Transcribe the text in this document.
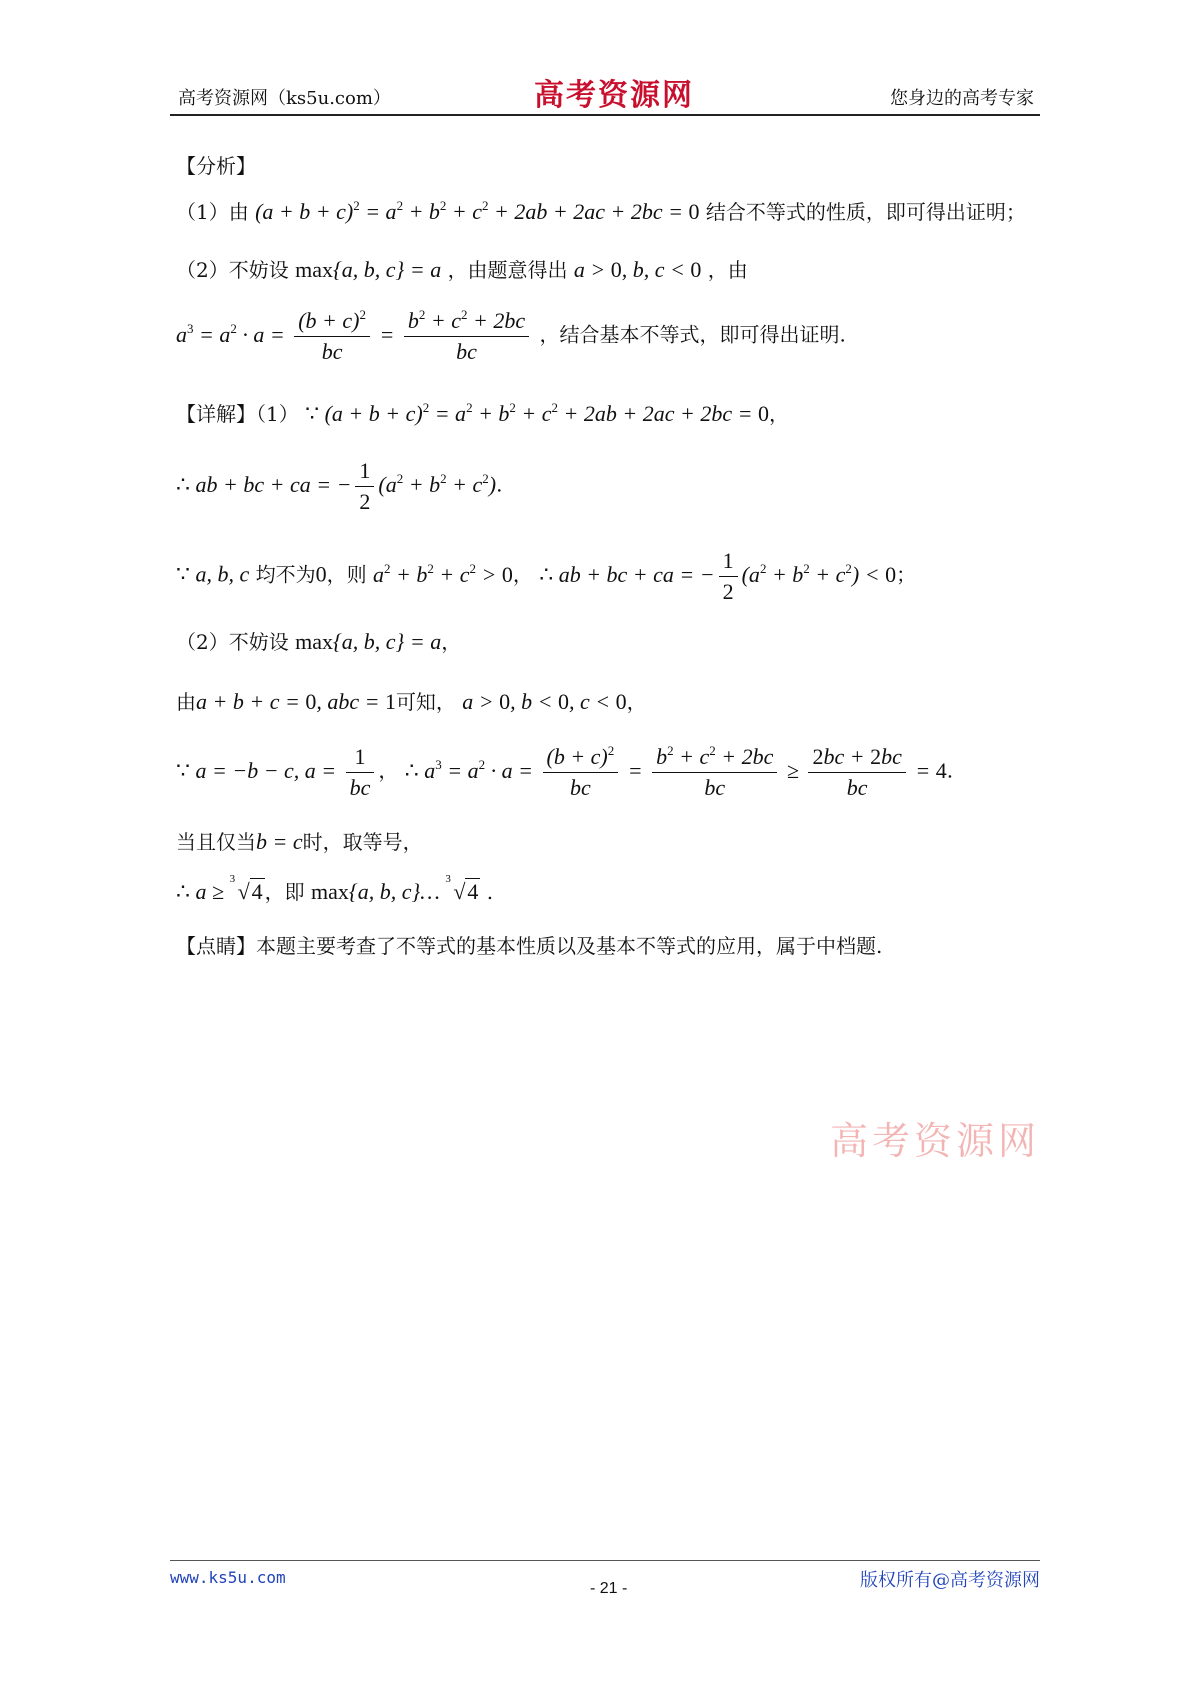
高考资源网（ks5u.com）	高考资源网	您身边的高考专家
【分析】
（1）由 $(a + b + c)^2 = a^2 + b^2 + c^2 + 2ab + 2ac + 2bc = 0$ 结合不等式的性质，即可得出证明；
（2）不妨设 max{a, b, c} = a ，由题意得出 a > 0, b, c < 0 ，由
$a^3 = a^2 \cdot a = \frac{(b + c)^2}{bc} = \frac{b^2 + c^2 + 2bc}{bc}$ ，结合基本不等式，即可得出证明.
【详解】（1） ∵ $(a + b + c)^2 = a^2 + b^2 + c^2 + 2ab + 2ac + 2bc = 0$，
∴ ab + bc + ca = − $\frac{1}{2} (a^2 + b^2 + c^2)$.
∵ a, b, c 均不为0，则 $a^2 + b^2 + c^2 > 0$， ∴ ab + bc + ca = − $\frac{1}{2} (a^2 + b^2 + c^2) < 0$；
（2）不妨设 max{a, b, c} = a，
由a + b + c = 0, abc = 1可知， a > 0, b < 0, c < 0，
∵ a = −b − c, $a = \frac{1}{bc}$ ， ∴ $a^3 = a^2 \cdot a = \frac{(b + c)^2}{bc} = \frac{b^2 + c^2 + 2bc}{bc} \ge \frac{2bc + 2bc}{bc} = 4$.
当且仅当b = c时，取等号，
∴ a ≥ 3 √4 ，即 max{a, b, c}… 3 √4 .
【点睛】本题主要考查了不等式的基本性质以及基本不等式的应用，属于中档题.
高考资源网
www.ks5u.com
- 21 -	版权所有@高考资源网
